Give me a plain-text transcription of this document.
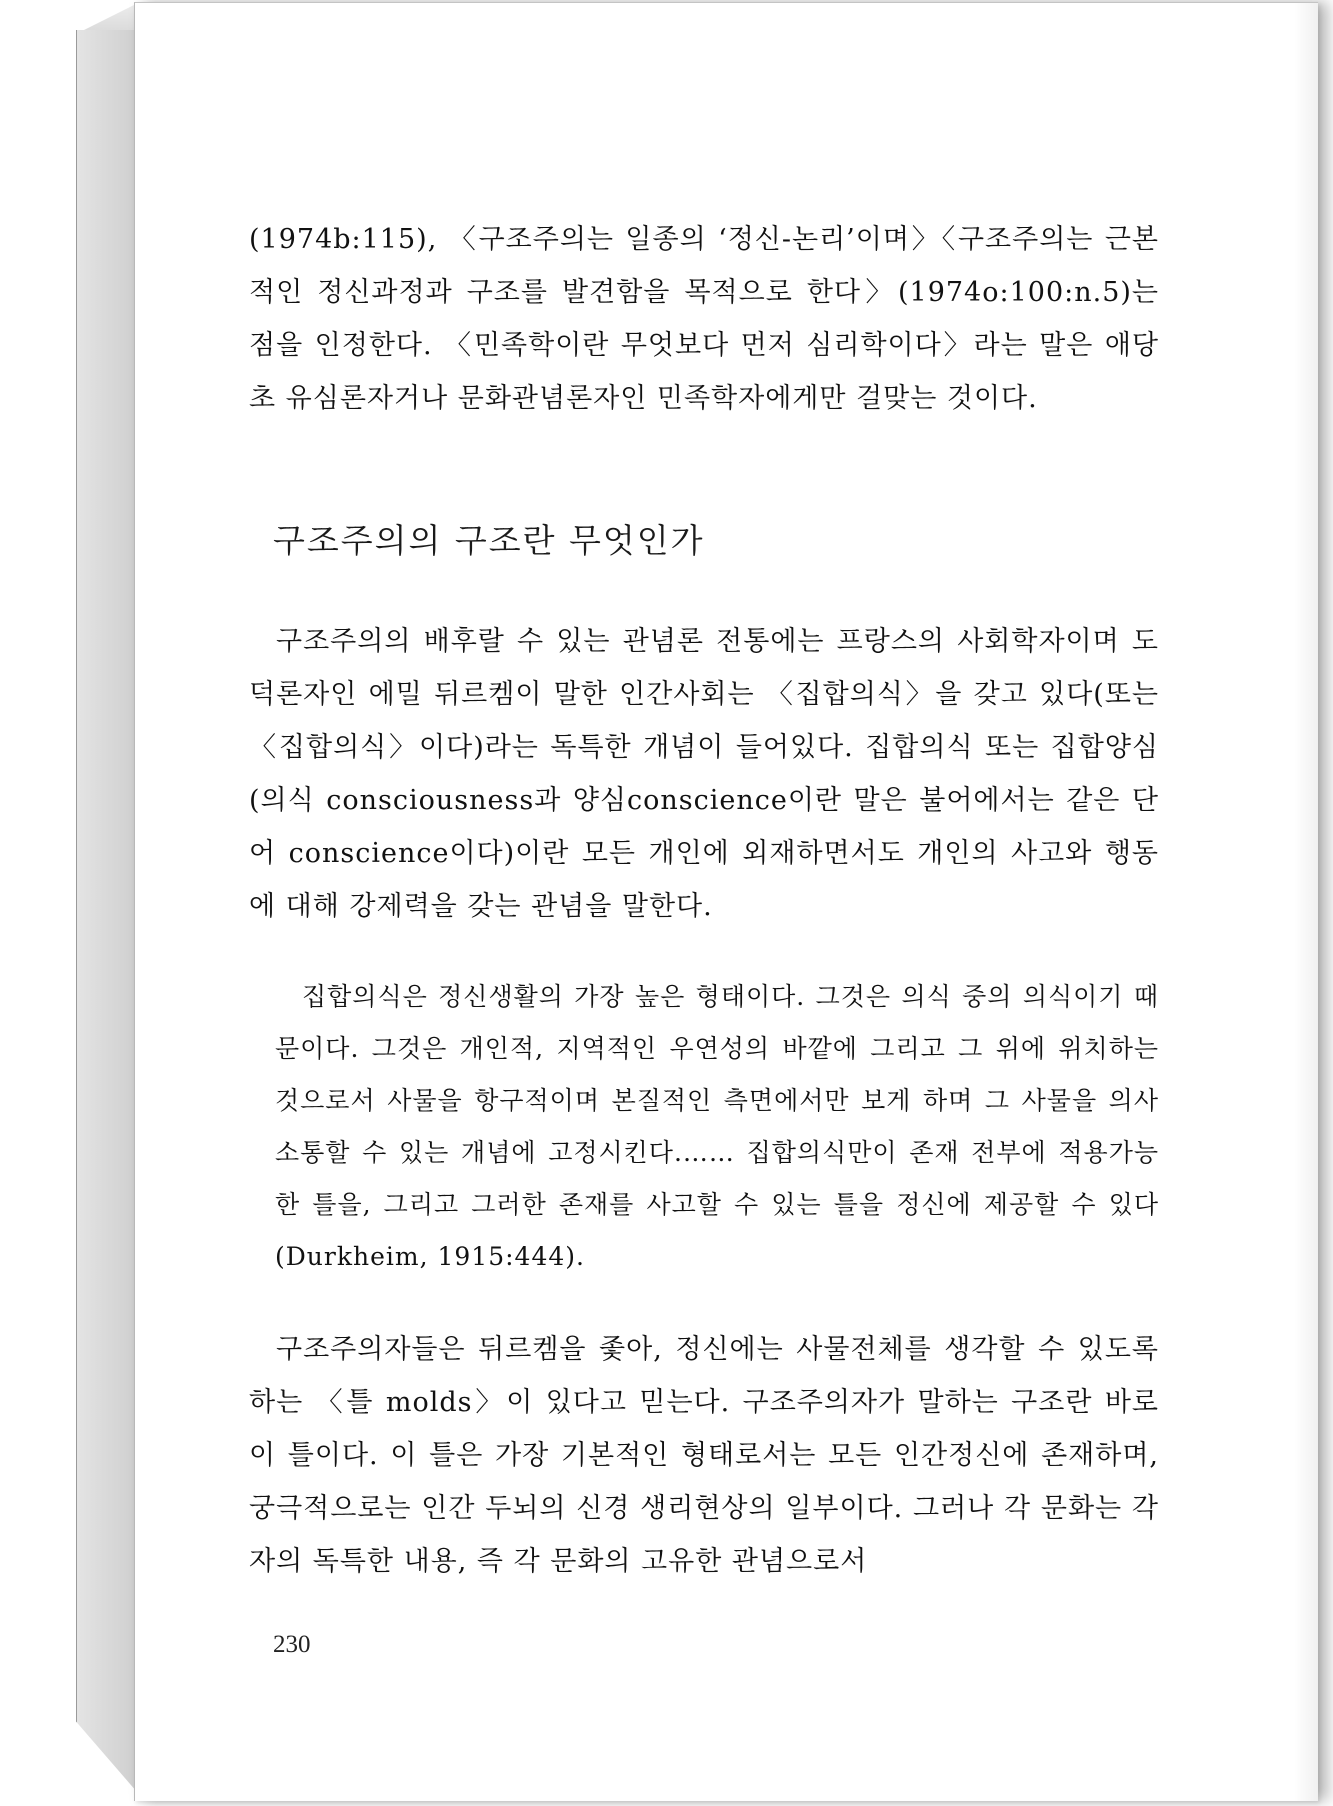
(1974b:115), 〈구조주의는 일종의 ‘정신-논리’이며〉〈구조주의는 근본적인 정신과정과 구조를 발견함을 목적으로 한다〉(1974o:100:n.5)는 점을 인정한다. 〈민족학이란 무엇보다 먼저 심리학이다〉라는 말은 애당초 유심론자거나 문화관념론자인 민족학자에게만 걸맞는 것이다.

구조주의의 구조란 무엇인가

구조주의의 배후랄 수 있는 관념론 전통에는 프랑스의 사회학자이며 도덕론자인 에밀 뒤르켐이 말한 인간사회는 〈집합의식〉을 갖고 있다(또는 〈집합의식〉이다)라는 독특한 개념이 들어있다. 집합의식 또는 집합양심(의식 consciousness과 양심conscience이란 말은 불어에서는 같은 단어 conscience이다)이란 모든 개인에 외재하면서도 개인의 사고와 행동에 대해 강제력을 갖는 관념을 말한다.

집합의식은 정신생활의 가장 높은 형태이다. 그것은 의식 중의 의식이기 때문이다. 그것은 개인적, 지역적인 우연성의 바깥에 그리고 그 위에 위치하는 것으로서 사물을 항구적이며 본질적인 측면에서만 보게 하며 그 사물을 의사소통할 수 있는 개념에 고정시킨다.…… 집합의식만이 존재 전부에 적용가능한 틀을, 그리고 그러한 존재를 사고할 수 있는 틀을 정신에 제공할 수 있다(Durkheim, 1915:444).

구조주의자들은 뒤르켐을 좇아, 정신에는 사물전체를 생각할 수 있도록 하는 〈틀 molds〉이 있다고 믿는다. 구조주의자가 말하는 구조란 바로 이 틀이다. 이 틀은 가장 기본적인 형태로서는 모든 인간정신에 존재하며, 궁극적으로는 인간 두뇌의 신경 생리현상의 일부이다. 그러나 각 문화는 각자의 독특한 내용, 즉 각 문화의 고유한 관념으로서

230
